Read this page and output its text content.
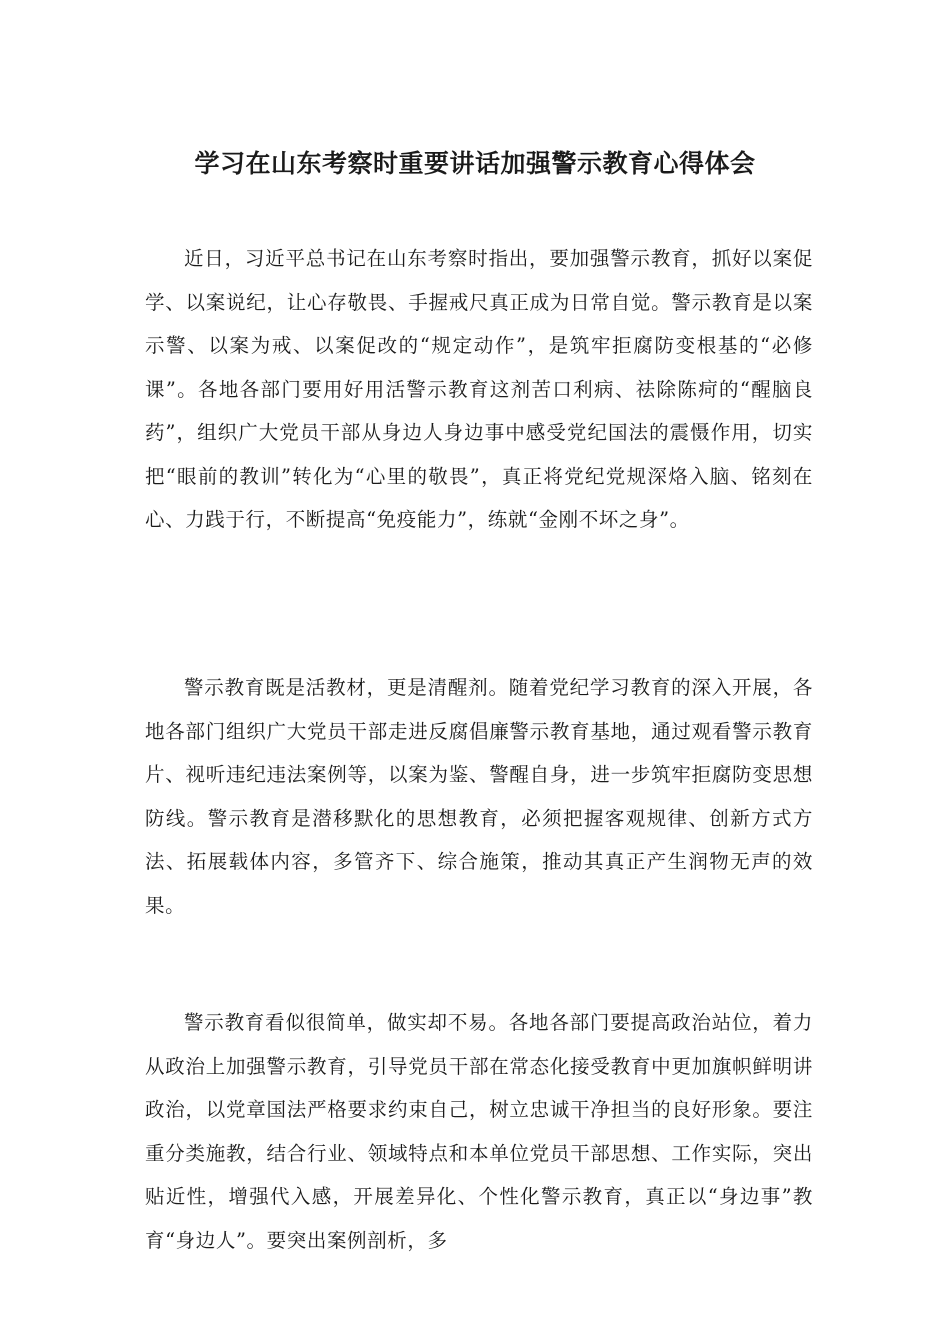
学习在山东考察时重要讲话加强警示教育心得体会

近日，习近平总书记在山东考察时指出，要加强警示教育，抓好以案促学、以案说纪，让心存敬畏、手握戒尺真正成为日常自觉。警示教育是以案示警、以案为戒、以案促改的“规定动作”，是筑牢拒腐防变根基的“必修课”。各地各部门要用好用活警示教育这剂苦口利病、祛除陈疴的“醒脑良药”，组织广大党员干部从身边人身边事中感受党纪国法的震慑作用，切实把“眼前的教训”转化为“心里的敬畏”，真正将党纪党规深烙入脑、铭刻在心、力践于行，不断提高“免疫能力”，练就“金刚不坏之身”。

警示教育既是活教材，更是清醒剂。随着党纪学习教育的深入开展，各地各部门组织广大党员干部走进反腐倡廉警示教育基地，通过观看警示教育片、视听违纪违法案例等，以案为鉴、警醒自身，进一步筑牢拒腐防变思想防线。警示教育是潜移默化的思想教育，必须把握客观规律、创新方式方法、拓展载体内容，多管齐下、综合施策，推动其真正产生润物无声的效果。

警示教育看似很简单，做实却不易。各地各部门要提高政治站位，着力从政治上加强警示教育，引导党员干部在常态化接受教育中更加旗帜鲜明讲政治，以党章国法严格要求约束自己，树立忠诚干净担当的良好形象。要注重分类施教，结合行业、领域特点和本单位党员干部思想、工作实际，突出贴近性，增强代入感，开展差异化、个性化警示教育，真正以“身边事”教育“身边人”。要突出案例剖析，多
